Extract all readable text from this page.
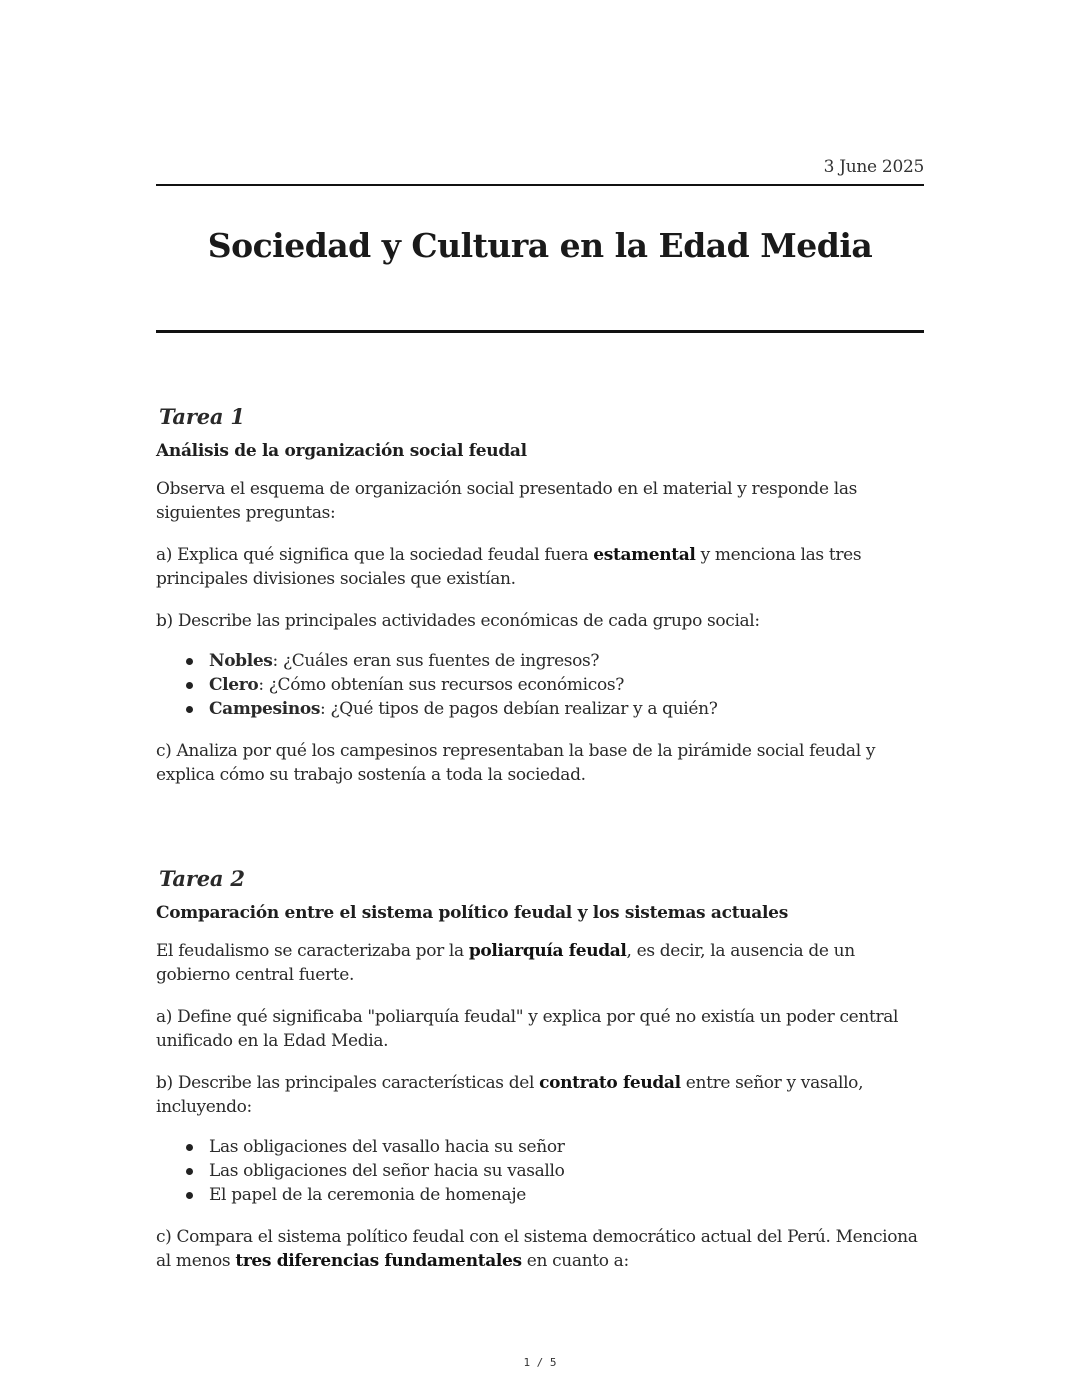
3 June 2025
Sociedad y Cultura en la Edad Media
Tarea 1

Análisis de la organización social feudal

Observa el esquema de organización social presentado en el material y responde las siguientes preguntas:

a) Explica qué significa que la sociedad feudal fuera estamental y menciona las tres principales divisiones sociales que existían.

b) Describe las principales actividades económicas de cada grupo social:

Nobles: ¿Cuáles eran sus fuentes de ingresos?
Clero: ¿Cómo obtenían sus recursos económicos?
Campesinos: ¿Qué tipos de pagos debían realizar y a quién?

c) Analiza por qué los campesinos representaban la base de la pirámide social feudal y explica cómo su trabajo sostenía a toda la sociedad.

Tarea 2

Comparación entre el sistema político feudal y los sistemas actuales

El feudalismo se caracterizaba por la poliarquía feudal, es decir, la ausencia de un gobierno central fuerte.

a) Define qué significaba "poliarquía feudal" y explica por qué no existía un poder central unificado en la Edad Media.

b) Describe las principales características del contrato feudal entre señor y vasallo, incluyendo:

Las obligaciones del vasallo hacia su señor
Las obligaciones del señor hacia su vasallo
El papel de la ceremonia de homenaje

c) Compara el sistema político feudal con el sistema democrático actual del Perú. Menciona al menos tres diferencias fundamentales en cuanto a:

1 / 5
